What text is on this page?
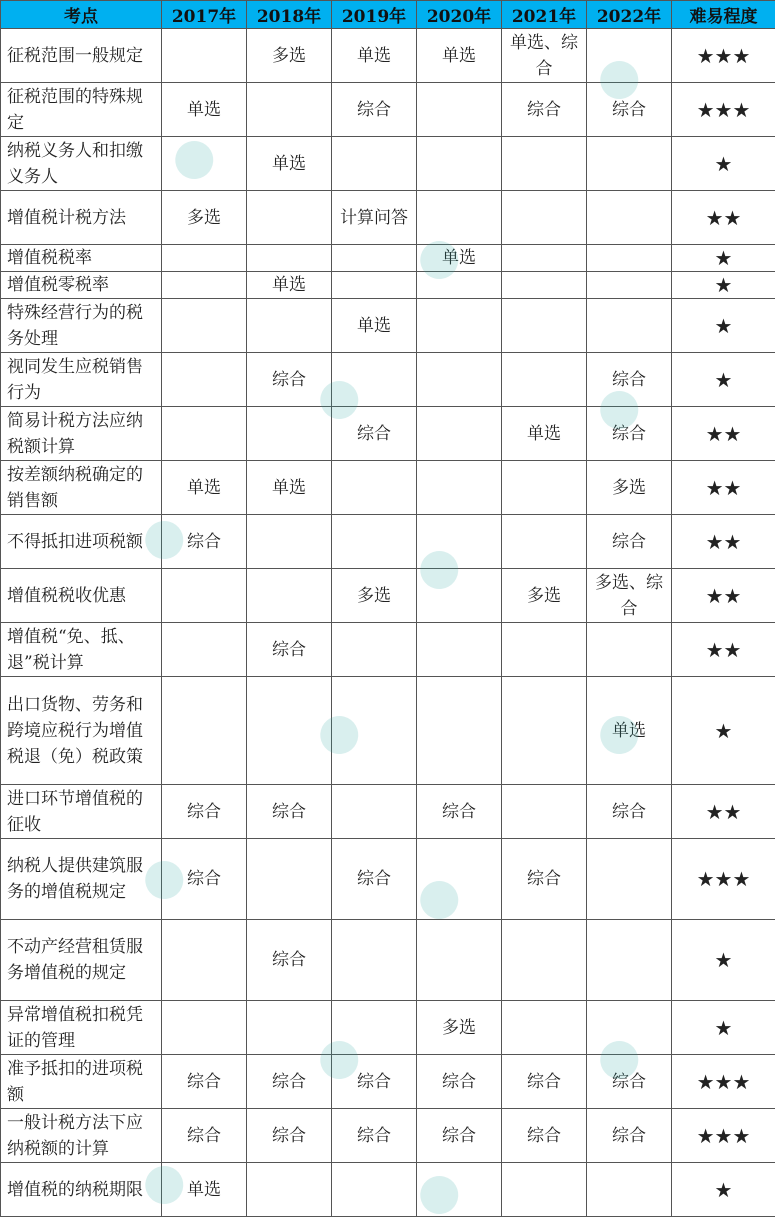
考点	2017年	2018年	2019年	2020年	2021年	2022年	难易程度
征税范围一般规定		多选	单选	单选	单选、综合		★★★
征税范围的特殊规定	单选		综合		综合	综合	★★★
纳税义务人和扣缴义务人		单选					★
增值税计税方法	多选		计算问答				★★
增值税税率				单选			★
增值税零税率		单选					★
特殊经营行为的税务处理			单选				★
视同发生应税销售行为		综合				综合	★
简易计税方法应纳税额计算			综合		单选	综合	★★
按差额纳税确定的销售额	单选	单选				多选	★★
不得抵扣进项税额	综合					综合	★★
增值税税收优惠			多选		多选	多选、综合	★★
增值税“免、抵、退”税计算		综合					★★
出口货物、劳务和跨境应税行为增值税退（免）税政策						单选	★
进口环节增值税的征收	综合	综合		综合		综合	★★
纳税人提供建筑服务的增值税规定	综合		综合		综合		★★★
不动产经营租赁服务增值税的规定		综合					★
异常增值税扣税凭证的管理				多选			★
准予抵扣的进项税额	综合	综合	综合	综合	综合	综合	★★★
一般计税方法下应纳税额的计算	综合	综合	综合	综合	综合	综合	★★★
增值税的纳税期限	单选						★
